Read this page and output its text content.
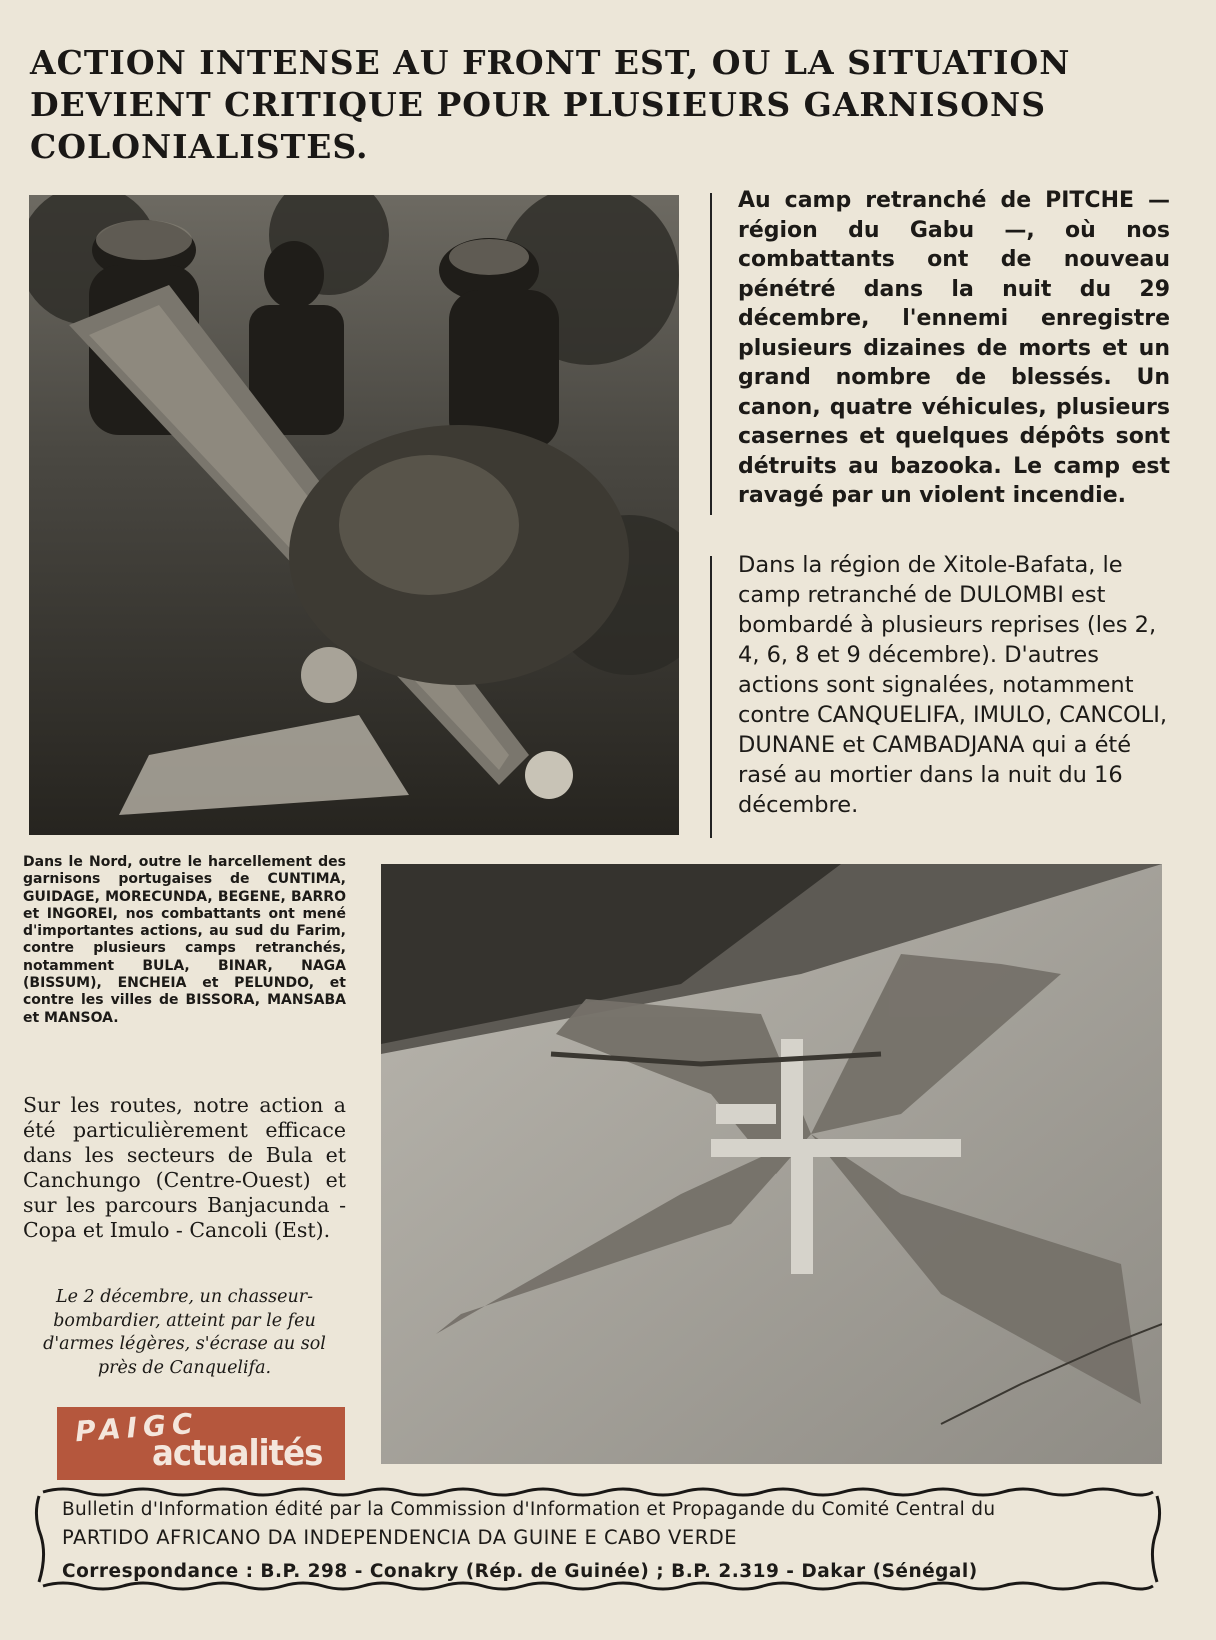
ACTION INTENSE AU FRONT EST, OU LA SITUATION DEVIENT CRITIQUE POUR PLUSIEURS GARNISONS COLONIALISTES.

Au camp retranché de PITCHE — région du Gabu —, où nos combattants ont de nouveau pénétré dans la nuit du 29 décembre, l'ennemi enregistre plusieurs dizaines de morts et un grand nombre de blessés. Un canon, quatre véhicules, plusieurs casernes et quelques dépôts sont détruits au bazooka. Le camp est ravagé par un violent incendie.

Dans la région de Xitole-Bafata, le camp retranché de DULOMBI est bombardé à plusieurs reprises (les 2, 4, 6, 8 et 9 décembre). D'autres actions sont signalées, notamment contre CANQUELIFA, IMULO, CANCOLI, DUNANE et CAMBADJANA qui a été rasé au mortier dans la nuit du 16 décembre.

Dans le Nord, outre le harcellement des garnisons portugaises de CUNTIMA, GUIDAGE, MORECUNDA, BEGENE, BARRO et INGOREI, nos combattants ont mené d'importantes actions, au sud du Farim, contre plusieurs camps retranchés, notamment BULA, BINAR, NAGA (BISSUM), ENCHEIA et PELUNDO, et contre les villes de BISSORA, MANSABA et MANSOA.

Sur les routes, notre action a été particulièrement efficace dans les secteurs de Bula et Canchungo (Centre-Ouest) et sur les parcours Banjacunda - Copa et Imulo - Cancoli (Est).

Le 2 décembre, un chasseur-bombardier, atteint par le feu d'armes légères, s'écrase au sol près de Canquelifa.

PAIGC
actualités

Bulletin d'Information édité par la Commission d'Information et Propagande du Comité Central du

PARTIDO AFRICANO DA INDEPENDENCIA DA GUINE E CABO VERDE

Correspondance : B.P. 298 - Conakry (Rép. de Guinée) ; B.P. 2.319 - Dakar (Sénégal)
